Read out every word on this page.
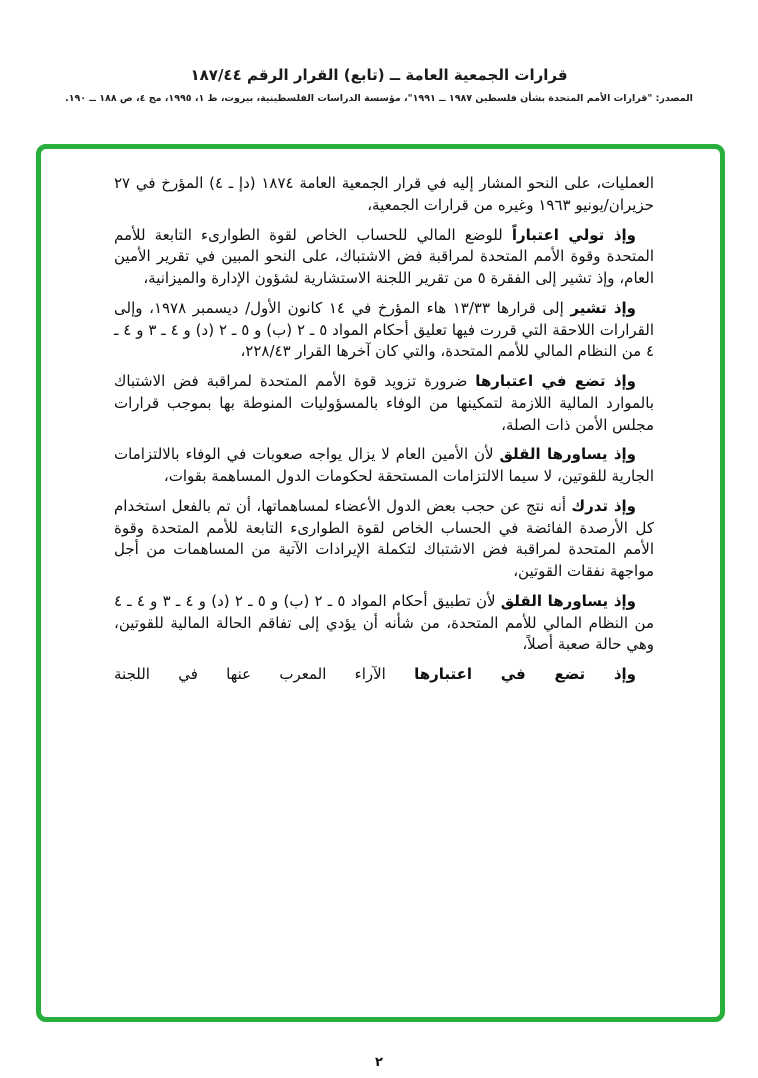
قرارات الجمعية العامة ــ (تابع) القرار الرقم ١٨٧/٤٤
المصدر: "قرارات الأمم المتحدة بشأن فلسطين ١٩٨٧ ــ ١٩٩١"، مؤسسة الدراسات الفلسطينية، بيروت، ط ١، ١٩٩٥، مج ٤، ص ١٨٨ ــ ١٩٠.

العمليات، على النحو المشار إليه في قرار الجمعية العامة ١٨٧٤ (دإ ـ ٤) المؤرخ في ٢٧ حزيران/يونيو ١٩٦٣ وغيره من قرارات الجمعية،

وإذ تولي اعتباراً للوضع المالي للحساب الخاص لقوة الطوارىء التابعة للأمم المتحدة وقوة الأمم المتحدة لمراقبة فض الاشتباك، على النحو المبين في تقرير الأمين العام، وإذ تشير إلى الفقرة ٥ من تقرير اللجنة الاستشارية لشؤون الإدارة والميزانية،

وإذ تشير إلى قرارها ١٣/٣٣ هاء المؤرخ في ١٤ كانون الأول/ ديسمبر ١٩٧٨، وإلى القرارات اللاحقة التي قررت فيها تعليق أحكام المواد ٥ ـ ٢ (ب) و ٥ ـ ٢ (د) و ٤ ـ ٣ و ٤ ـ ٤ من النظام المالي للأمم المتحدة، والتي كان آخرها القرار ٢٢٨/٤٣،

وإذ تضع في اعتبارها ضرورة تزويد قوة الأمم المتحدة لمراقبة فض الاشتباك بالموارد المالية اللازمة لتمكينها من الوفاء بالمسؤوليات المنوطة بها بموجب قرارات مجلس الأمن ذات الصلة،

وإذ يساورها القلق لأن الأمين العام لا يزال يواجه صعوبات في الوفاء بالالتزامات الجارية للقوتين، لا سيما الالتزامات المستحقة لحكومات الدول المساهمة بقوات،

وإذ تدرك أنه نتج عن حجب بعض الدول الأعضاء لمساهماتها، أن تم بالفعل استخدام كل الأرصدة الفائضة في الحساب الخاص لقوة الطوارىء التابعة للأمم المتحدة وقوة الأمم المتحدة لمراقبة فض الاشتباك لتكملة الإيرادات الآتية من المساهمات من أجل مواجهة نفقات القوتين،

وإذ يساورها القلق لأن تطبيق أحكام المواد ٥ ـ ٢ (ب) و ٥ ـ ٢ (د) و ٤ ـ ٣ و ٤ ـ ٤ من النظام المالي للأمم المتحدة، من شأنه أن يؤدي إلى تفاقم الحالة المالية للقوتين، وهي حالة صعبة أصلاً،

وإذ تضع في اعتبارها الآراء المعرب عنها في اللجنة

٢
